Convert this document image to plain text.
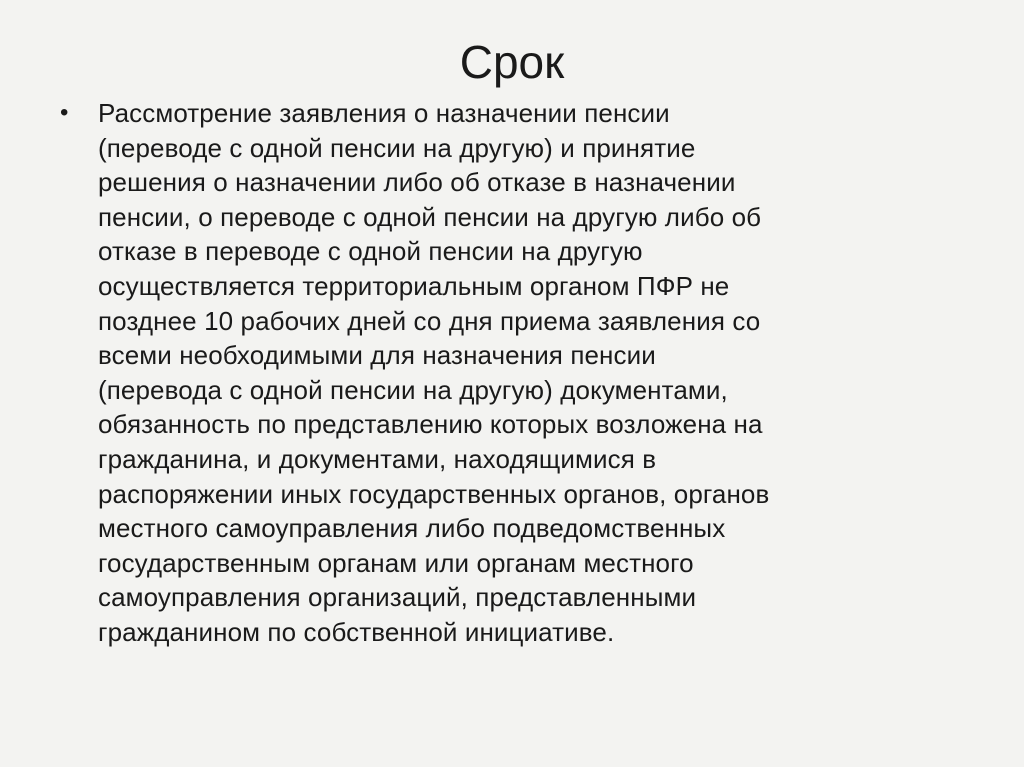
Срок
• Рассмотрение заявления о назначении пенсии
(переводе с одной пенсии на другую) и принятие
решения о назначении либо об отказе в назначении
пенсии, о переводе с одной пенсии на другую либо об
отказе в переводе с одной пенсии на другую
осуществляется территориальным органом ПФР не
позднее 10 рабочих дней со дня приема заявления со
всеми необходимыми для назначения пенсии
(перевода с одной пенсии на другую) документами,
обязанность по представлению которых возложена на
гражданина, и документами, находящимися в
распоряжении иных государственных органов, органов
местного самоуправления либо подведомственных
государственным органам или органам местного
самоуправления организаций, представленными
гражданином по собственной инициативе.
